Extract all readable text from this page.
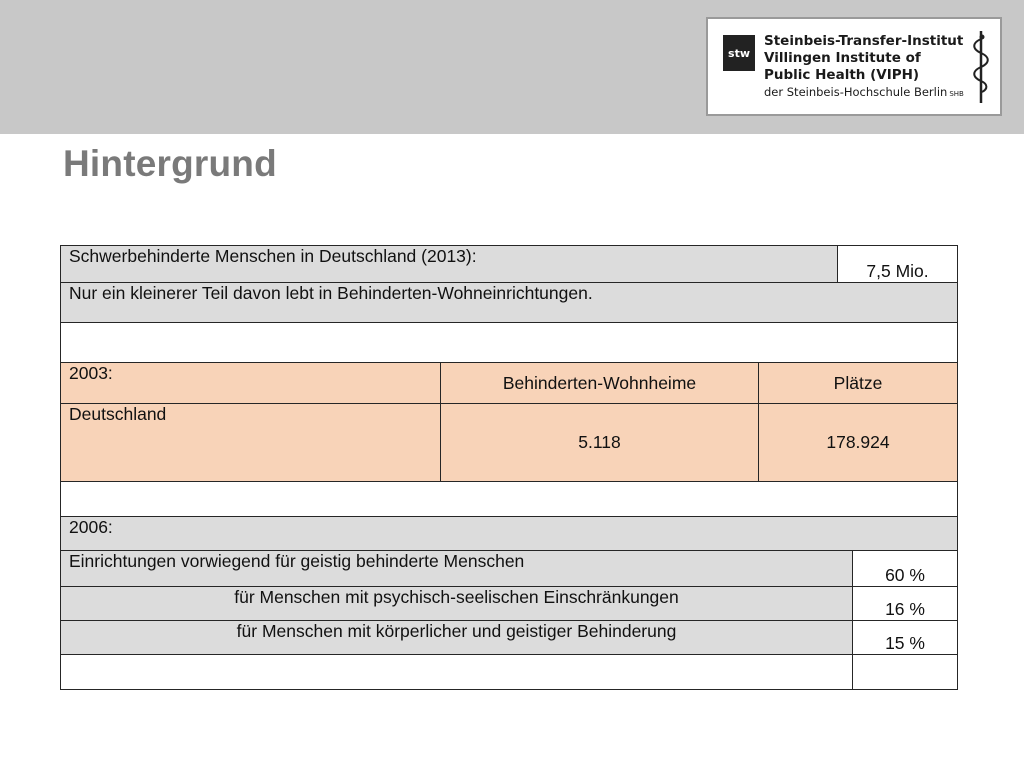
stw
Steinbeis-Transfer-Institut
Villingen Institute of
Public Health (VIPH)
der Steinbeis-Hochschule Berlin SHB
Hintergrund
Schwerbehinderte Menschen in Deutschland (2013):	7,5 Mio.
Nur ein kleinerer Teil davon lebt in Behinderten-Wohneinrichtungen.

2003:	Behinderten-Wohnheime	Plätze
Deutschland	5.118	178.924

2006:	
Einrichtungen vorwiegend für geistig behinderte Menschen	60 %
für Menschen mit psychisch-seelischen Einschränkungen	16 %
für Menschen mit körperlicher und geistiger Behinderung	15 %
